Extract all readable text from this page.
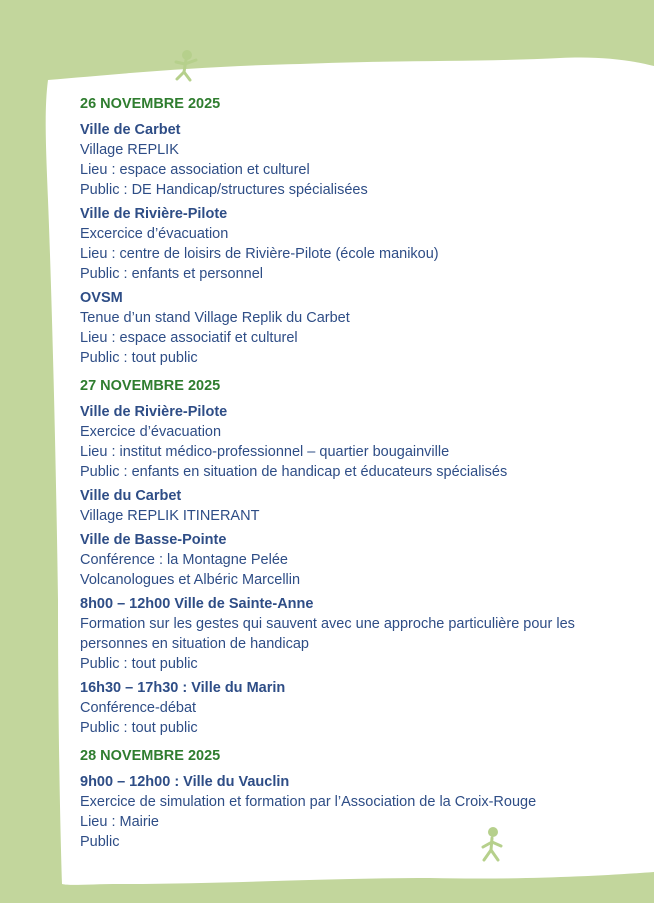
26 NOVEMBRE 2025
Ville de Carbet
Village REPLIK
Lieu : espace association et culturel
Public : DE Handicap/structures spécialisées
Ville de Rivière-Pilote
Excercice d’évacuation
Lieu : centre de loisirs de Rivière-Pilote (école manikou)
Public : enfants et personnel
OVSM
Tenue d’un stand Village Replik du Carbet
Lieu : espace associatif et culturel
Public : tout public
27 NOVEMBRE 2025
Ville de Rivière-Pilote
Exercice d’évacuation
Lieu : institut médico-professionnel – quartier bougainville
Public : enfants en situation de handicap et éducateurs spécialisés
Ville du Carbet
Village REPLIK ITINERANT
Ville de Basse-Pointe
Conférence : la Montagne Pelée
Volcanologues et Albéric Marcellin
8h00 – 12h00 Ville de Sainte-Anne
Formation sur les gestes qui sauvent avec une approche particulière pour les
personnes en situation de handicap
Public : tout public
16h30 – 17h30 : Ville du Marin
Conférence-débat
Public : tout public
28 NOVEMBRE 2025
9h00 – 12h00 : Ville du Vauclin
Exercice de simulation et formation par l’Association de la Croix-Rouge
Lieu : Mairie
Public
